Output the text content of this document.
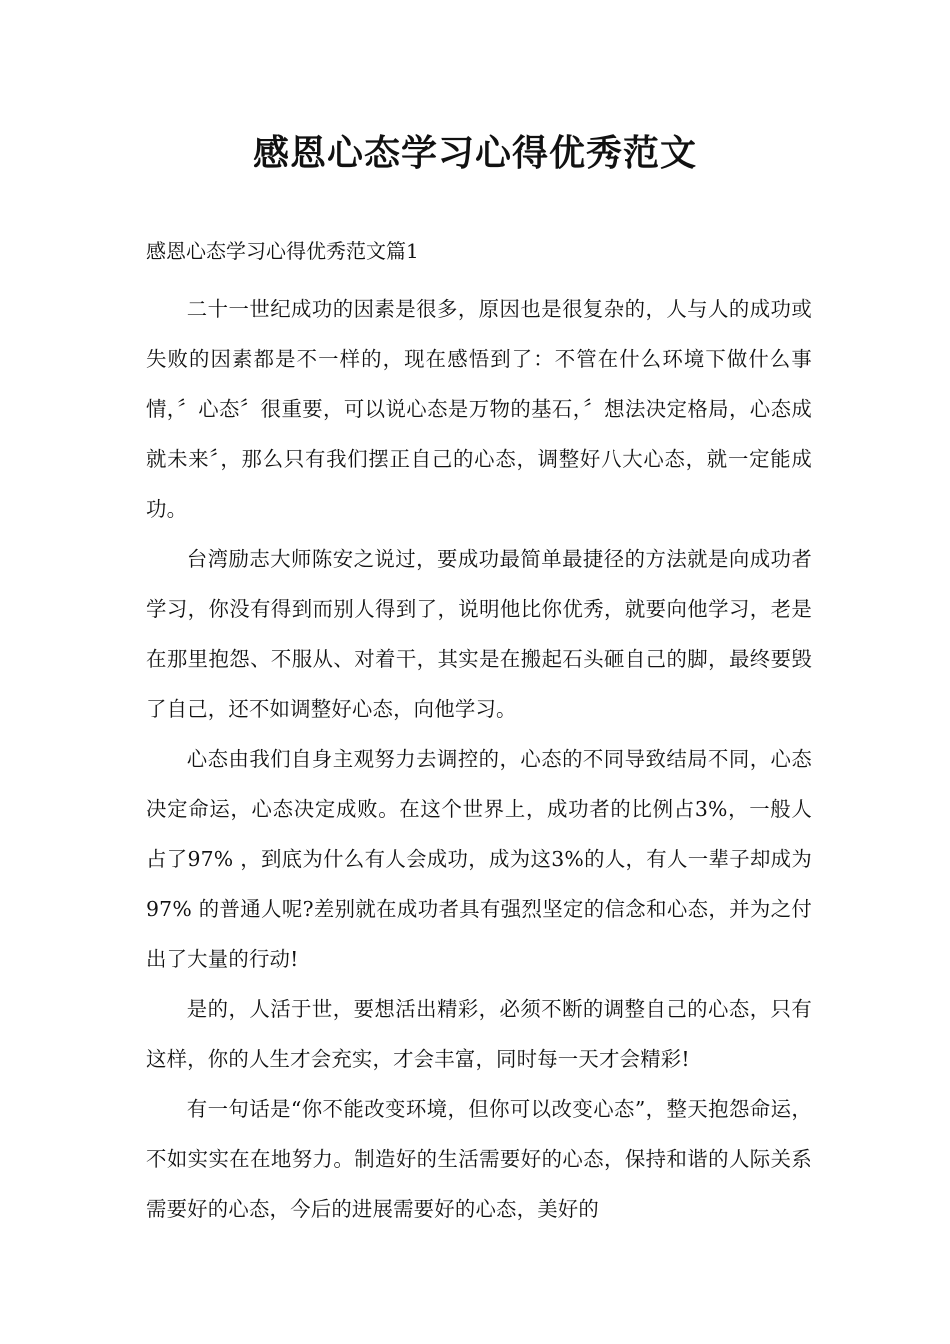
感恩心态学习心得优秀范文
感恩心态学习心得优秀范文篇1

二十一世纪成功的因素是很多，原因也是很复杂的，人与人的成功或失败的因素都是不一样的，现在感悟到了：不管在什么环境下做什么事情，〞心态〞很重要，可以说心态是万物的基石，〞想法决定格局，心态成就未来〞，那么只有我们摆正自己的心态，调整好八大心态，就一定能成功。

台湾励志大师陈安之说过，要成功最简单最捷径的方法就是向成功者学习，你没有得到而别人得到了，说明他比你优秀，就要向他学习，老是在那里抱怨、不服从、对着干，其实是在搬起石头砸自己的脚，最终要毁了自己，还不如调整好心态，向他学习。

心态由我们自身主观努力去调控的，心态的不同导致结局不同，心态决定命运，心态决定成败。在这个世界上，成功者的比例占3%，一般人占了97% ，到底为什么有人会成功，成为这3%的人，有人一辈子却成为97% 的普通人呢?差别就在成功者具有强烈坚定的信念和心态，并为之付出了大量的行动!

是的，人活于世，要想活出精彩，必须不断的调整自己的心态，只有这样，你的人生才会充实，才会丰富，同时每一天才会精彩!

有一句话是“你不能改变环境，但你可以改变心态”，整天抱怨命运，不如实实在在地努力。制造好的生活需要好的心态，保持和谐的人际关系需要好的心态，今后的进展需要好的心态，美好的
